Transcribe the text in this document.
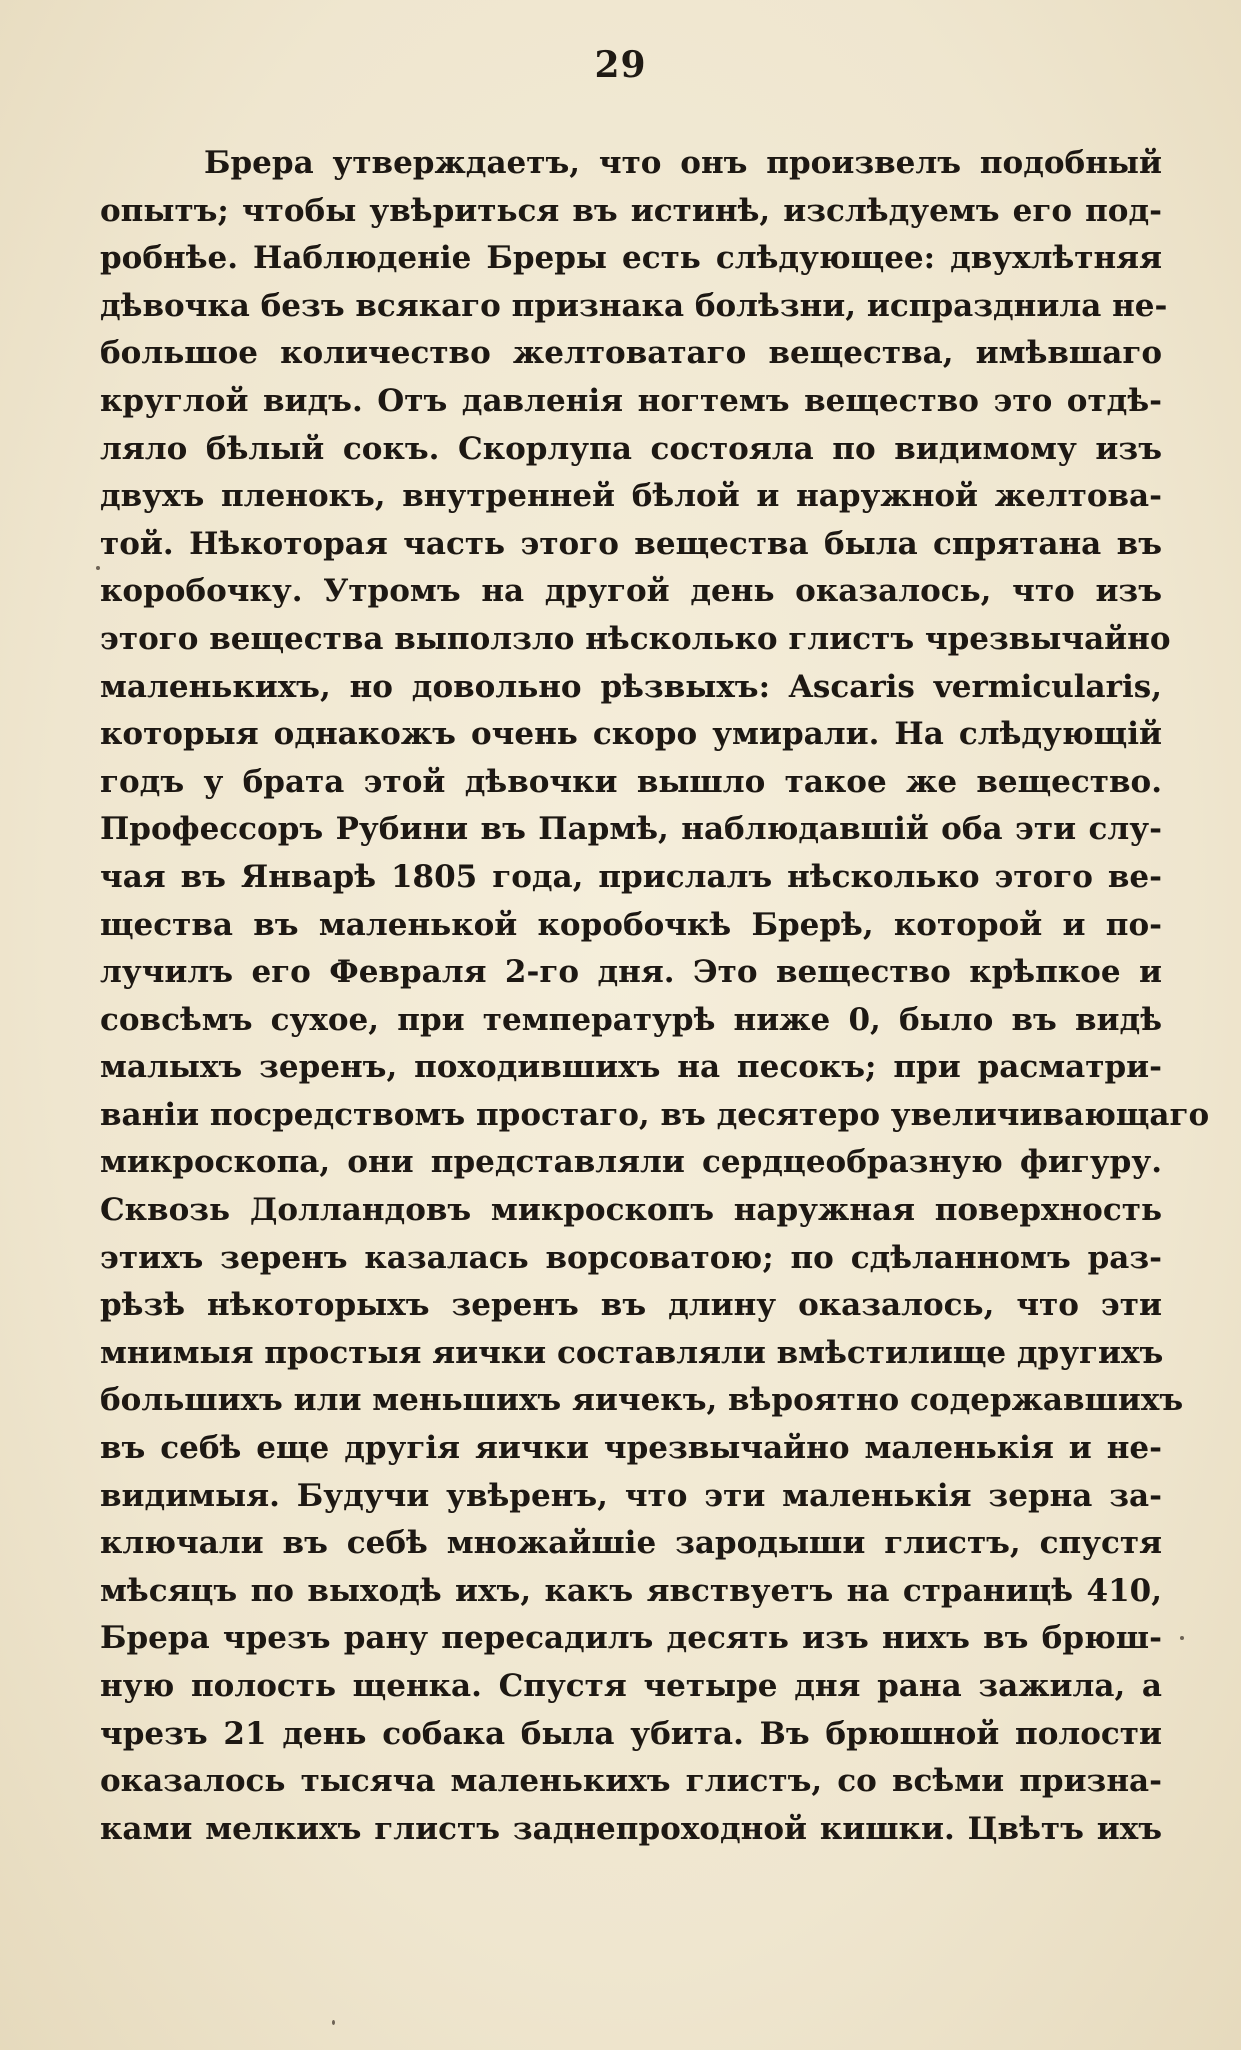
29
Брера утверждаетъ, что онъ произвелъ подобный
опытъ; чтобы увѣриться въ истинѣ, изслѣдуемъ его под-
робнѣе. Наблюденіе Бреры есть слѣдующее: двухлѣтняя
дѣвочка безъ всякаго признака болѣзни, испразднила не-
большое количество желтоватаго вещества, имѣвшаго
круглой видъ. Отъ давленія ногтемъ вещество это отдѣ-
ляло бѣлый сокъ. Скорлупа состояла по видимому изъ
двухъ пленокъ, внутренней бѣлой и наружной желтова-
той. Нѣкоторая часть этого вещества была спрятана въ
коробочку. Утромъ на другой день оказалось, что изъ
этого вещества выползло нѣсколько глистъ чрезвычайно
маленькихъ, но довольно рѣзвыхъ: Ascaris vermicularis,
которыя однакожъ очень скоро умирали. На слѣдующій
годъ у брата этой дѣвочки вышло такое же вещество.
Профессоръ Рубини въ Пармѣ, наблюдавшій оба эти слу-
чая въ Январѣ 1805 года, прислалъ нѣсколько этого ве-
щества въ маленькой коробочкѣ Брерѣ, которой и по-
лучилъ его Февраля 2-го дня. Это вещество крѣпкое и
совсѣмъ сухое, при температурѣ ниже 0, было въ видѣ
малыхъ зеренъ, походившихъ на песокъ; при расматри-
ваніи посредствомъ простаго, въ десятеро увеличивающаго
микроскопа, они представляли сердцеобразную фигуру.
Сквозь Доллaндовъ микроскопъ наружная поверхность
этихъ зеренъ казалась ворсоватою; по сдѣланномъ раз-
рѣзѣ нѣкоторыхъ зеренъ въ длину оказалось, что эти
мнимыя простыя яички составляли вмѣстилище другихъ
большихъ или меньшихъ яичекъ, вѣроятно содержавшихъ
въ себѣ еще другія яички чрезвычайно маленькія и не-
видимыя. Будучи увѣренъ, что эти маленькія зерна за-
ключали въ себѣ множайшіе зародыши глистъ, спустя
мѣсяцъ по выходѣ ихъ, какъ явствуетъ на страницѣ 410,
Брера чрезъ рану пересадилъ десять изъ нихъ въ брюш-
ную полость щенка. Спустя четыре дня рана зажила, а
чрезъ 21 день собака была убита. Въ брюшной полости
оказалось тысяча маленькихъ глистъ, со всѣми призна-
ками мелкихъ глистъ заднепроходной кишки. Цвѣтъ ихъ
